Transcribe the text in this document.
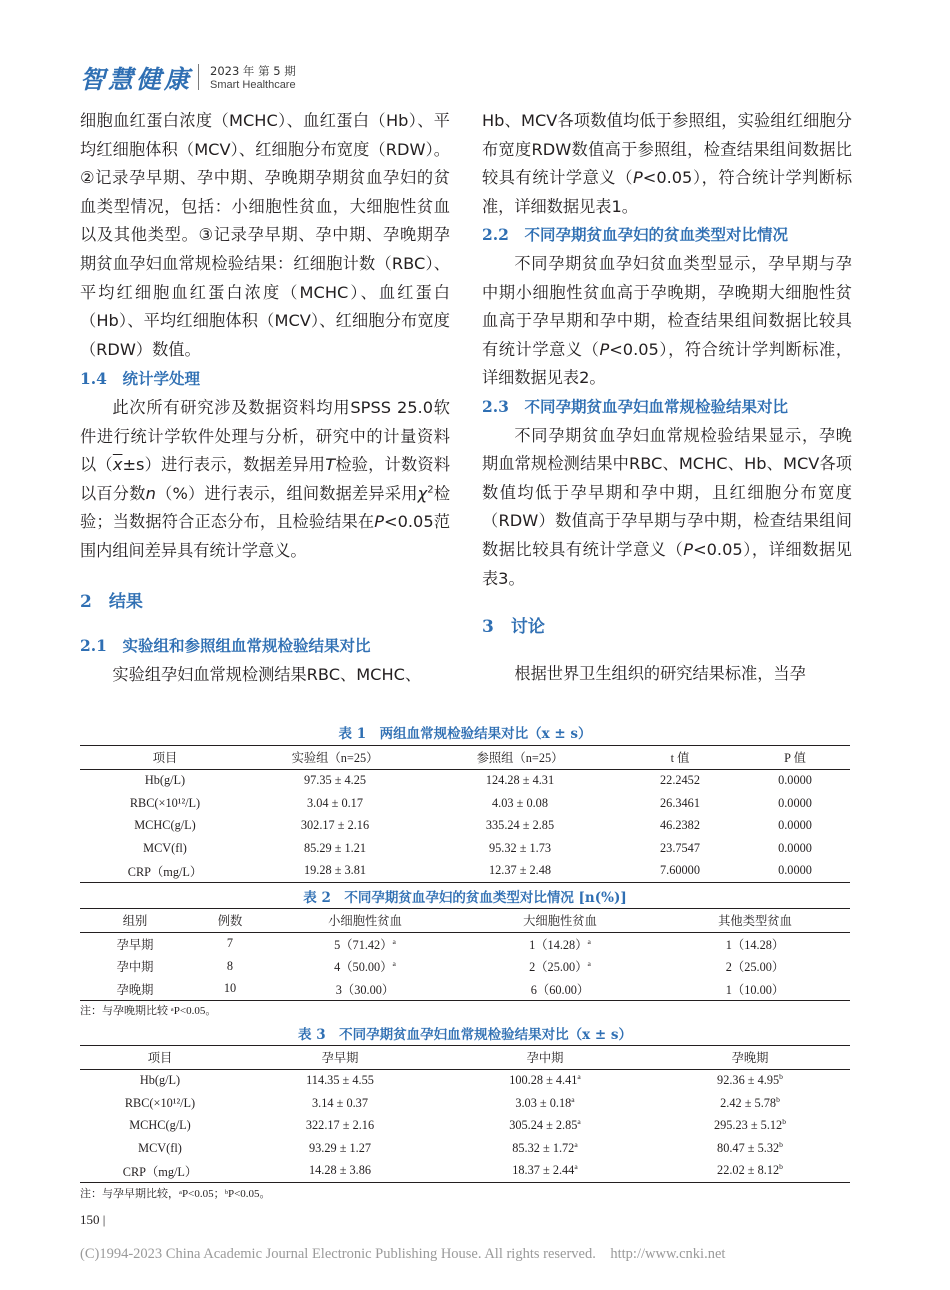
智慧健康 2023 年 第 5 期
Smart Healthcare

细胞血红蛋白浓度（MCHC）、血红蛋白（Hb）、平均红细胞体积（MCV）、红细胞分布宽度（RDW）。②记录孕早期、孕中期、孕晚期孕期贫血孕妇的贫血类型情况，包括：小细胞性贫血，大细胞性贫血以及其他类型。③记录孕早期、孕中期、孕晚期孕期贫血孕妇血常规检验结果：红细胞计数（RBC）、平均红细胞血红蛋白浓度（MCHC）、血红蛋白（Hb）、平均红细胞体积（MCV）、红细胞分布宽度（RDW）数值。

1.4　统计学处理

此次所有研究涉及数据资料均用SPSS 25.0软件进行统计学软件处理与分析，研究中的计量资料以$(\overline{x}\pm s)$进行表示，数据差异用T检验，计数资料以百分数n（%）进行表示，组间数据差异采用$\chi^2$检验；当数据符合正态分布，且检验结果在P<0.05范围内组间差异具有统计学意义。

2　结果

2.1　实验组和参照组血常规检验结果对比

实验组孕妇血常规检测结果RBC、MCHC、

Hb、MCV各项数值均低于参照组，实验组红细胞分布宽度RDW数值高于参照组，检查结果组间数据比较具有统计学意义（P<0.05），符合统计学判断标准，详细数据见表1。

2.2　不同孕期贫血孕妇的贫血类型对比情况

不同孕期贫血孕妇贫血类型显示，孕早期与孕中期小细胞性贫血高于孕晚期，孕晚期大细胞性贫血高于孕早期和孕中期，检查结果组间数据比较具有统计学意义（P<0.05），符合统计学判断标准，详细数据见表2。

2.3　不同孕期贫血孕妇血常规检验结果对比

不同孕期贫血孕妇血常规检验结果显示，孕晚期血常规检测结果中RBC、MCHC、Hb、MCV各项数值均低于孕早期和孕中期，且红细胞分布宽度　（RDW）数值高于孕早期与孕中期，检查结果组间数据比较具有统计学意义（P<0.05），详细数据见表3。

3　讨论

根据世界卫生组织的研究结果标准，当孕

表 1　两组血常规检验结果对比（x ± s）
项目	实验组（n=25）	参照组（n=25）	t 值	P 值
Hb(g/L)	97.35 ± 4.25	124.28 ± 4.31	22.2452	0.0000
RBC(×10¹²/L)	3.04 ± 0.17	4.03 ± 0.08	26.3461	0.0000
MCHC(g/L)	302.17 ± 2.16	335.24 ± 2.85	46.2382	0.0000
MCV(fl)	85.29 ± 1.21	95.32 ± 1.73	23.7547	0.0000
CRP（mg/L）	19.28 ± 3.81	12.37 ± 2.48	7.60000	0.0000
表 2　不同孕期贫血孕妇的贫血类型对比情况 [n(%)]
组别	例数	小细胞性贫血	大细胞性贫血	其他类型贫血
孕早期	7	$5(71.42)^a$	$1(14.28)^a$	1（14.28）
孕中期	8	$4(50.00)^a$	$2(25.00)^a$	2（25.00）
孕晚期	10	3（30.00）	6（60.00）	1（10.00）
注：与孕晚期比较 ᵃP<0.05。
表 3　不同孕期贫血孕妇血常规检验结果对比（x ± s）
项目	孕早期	孕中期	孕晚期
Hb(g/L)	114.35 ± 4.55	100.28 ± 4.41$^a$	92.36 ± 4.95$^b$
RBC(×10¹²/L)	3.14 ± 0.37	3.03 ± 0.18$^a$	2.42 ± 5.78$^b$
MCHC(g/L)	322.17 ± 2.16	305.24 ± 2.85$^a$	295.23 ± 5.12$^b$
MCV(fl)	93.29 ± 1.27	85.32 ± 1.72$^a$	80.47 ± 5.32$^b$
CRP（mg/L）	14.28 ± 3.86	18.37 ± 2.44$^a$	22.02 ± 8.12$^b$
注：与孕早期比较，ᵃP<0.05；ᵇP<0.05。
150 |
(C)1994-2023 China Academic Journal Electronic Publishing House. All rights reserved.　http://www.cnki.net
